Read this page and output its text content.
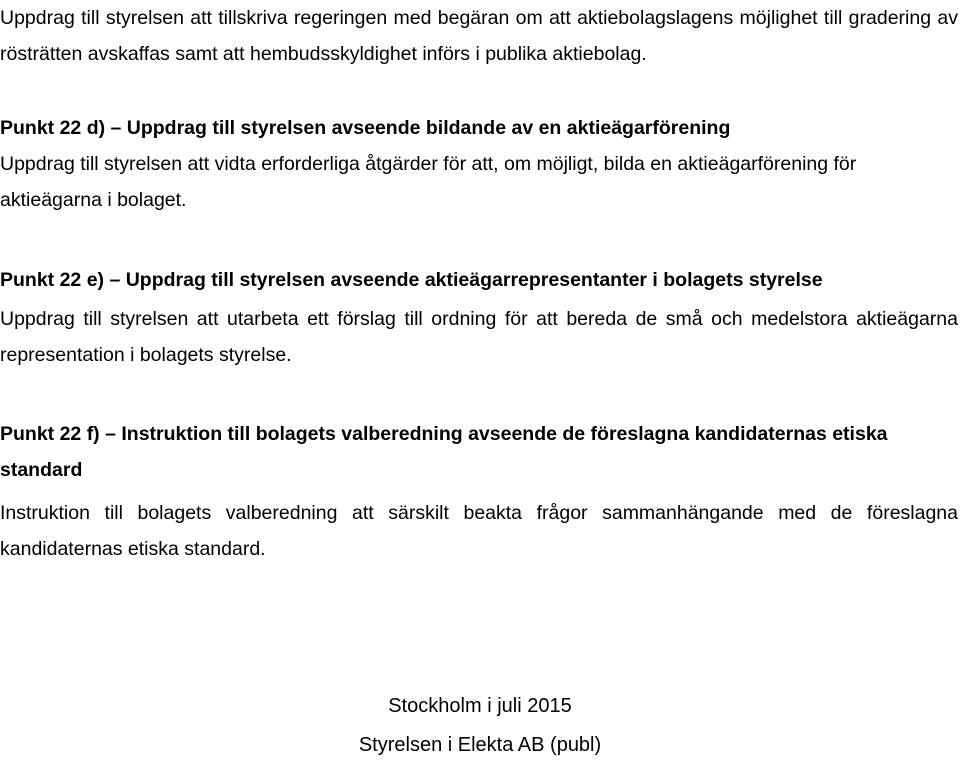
Uppdrag till styrelsen att tillskriva regeringen med begäran om att aktiebolagslagens möjlighet till gradering av rösträtten avskaffas samt att hembudsskyldighet införs i publika aktiebolag.

Punkt 22 d) – Uppdrag till styrelsen avseende bildande av en aktieägarförening

Uppdrag till styrelsen att vidta erforderliga åtgärder för att, om möjligt, bilda en aktieägarförening för aktieägarna i bolaget.

Punkt 22 e) – Uppdrag till styrelsen avseende aktieägarrepresentanter i bolagets styrelse

Uppdrag till styrelsen att utarbeta ett förslag till ordning för att bereda de små och medelstora aktieägarna representation i bolagets styrelse.

Punkt 22 f) – Instruktion till bolagets valberedning avseende de föreslagna kandidaternas etiska standard

Instruktion till bolagets valberedning att särskilt beakta frågor sammanhängande med de föreslagna kandidaternas etiska standard.

Stockholm i juli 2015
Styrelsen i Elekta AB (publ)
